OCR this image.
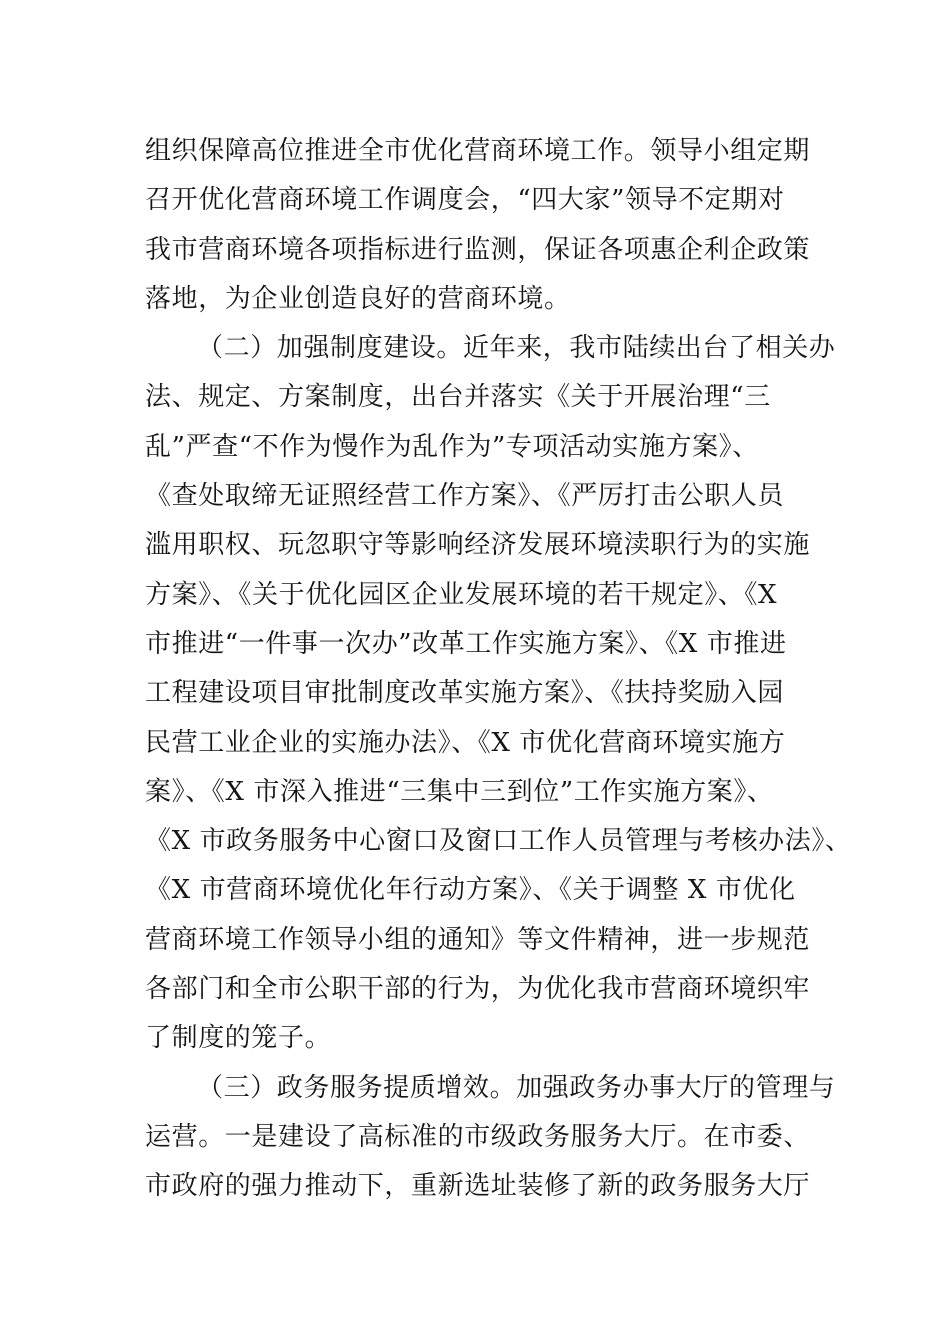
组织保障高位推进全市优化营商环境工作。领导小组定期
召开优化营商环境工作调度会，“四大家”领导不定期对
我市营商环境各项指标进行监测，保证各项惠企利企政策
落地，为企业创造良好的营商环境。
（二）加强制度建设。近年来，我市陆续出台了相关办
法、规定、方案制度，出台并落实《关于开展治理“三
乱”严查“不作为慢作为乱作为”专项活动实施方案》、
《查处取缔无证照经营工作方案》、《严厉打击公职人员
滥用职权、玩忽职守等影响经济发展环境渎职行为的实施
方案》、《关于优化园区企业发展环境的若干规定》、《X
市推进“一件事一次办”改革工作实施方案》、《X 市推进
工程建设项目审批制度改革实施方案》、《扶持奖励入园
民营工业企业的实施办法》、《X 市优化营商环境实施方
案》、《X 市深入推进“三集中三到位”工作实施方案》、
《X 市政务服务中心窗口及窗口工作人员管理与考核办法》、
《X 市营商环境优化年行动方案》、《关于调整 X 市优化
营商环境工作领导小组的通知》等文件精神，进一步规范
各部门和全市公职干部的行为，为优化我市营商环境织牢
了制度的笼子。
（三）政务服务提质增效。加强政务办事大厅的管理与
运营。一是建设了高标准的市级政务服务大厅。在市委、
市政府的强力推动下，重新选址装修了新的政务服务大厅
